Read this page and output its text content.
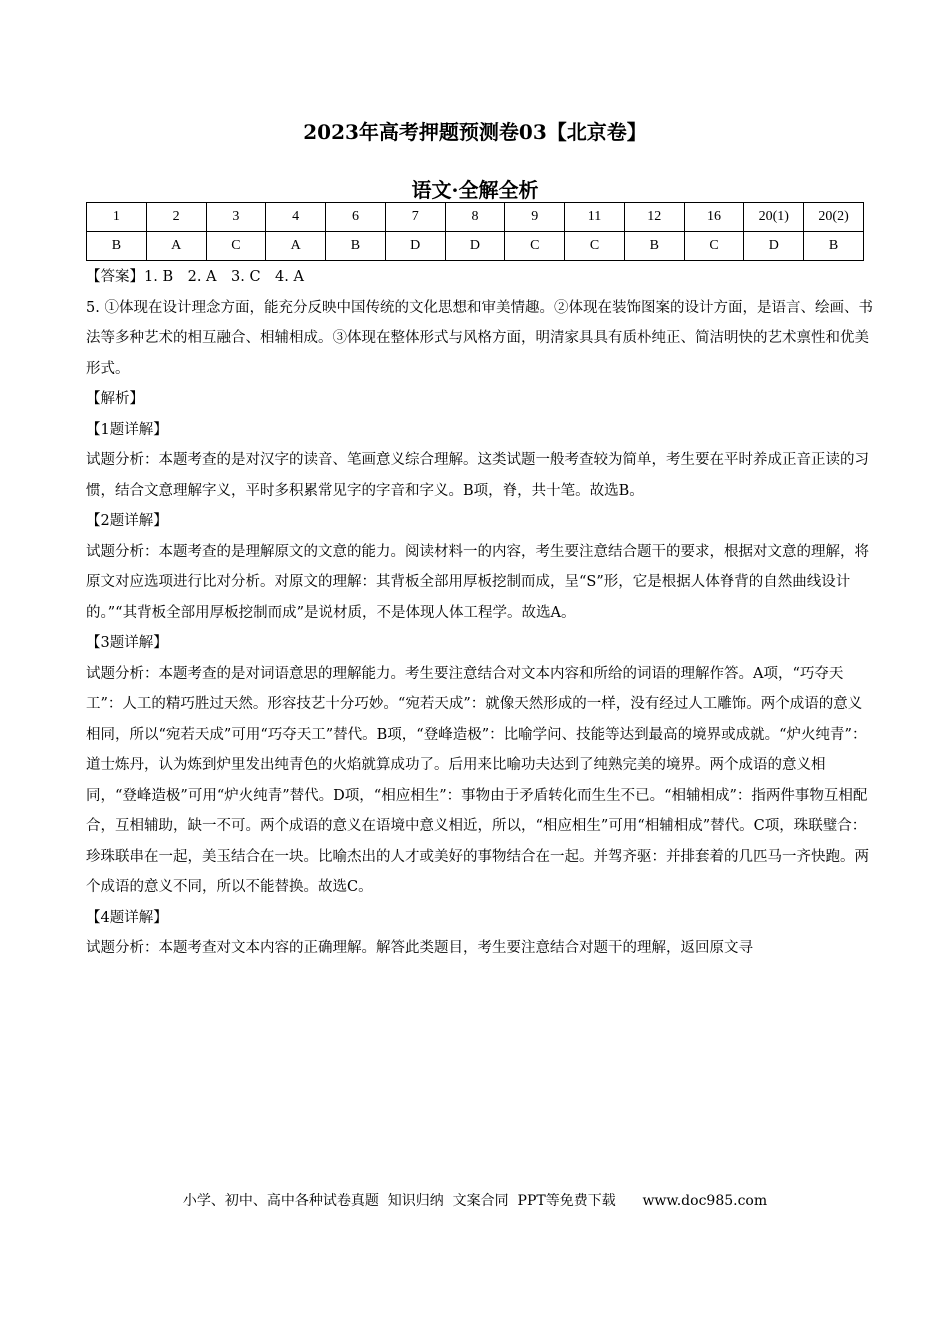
2023年高考押题预测卷03【北京卷】
语文·全解全析
1	2	3	4	6	7	8	9	11	12	16	20(1)	20(2)
B	A	C	A	B	D	D	C	C	B	C	D	B

【答案】1. B　2. A　3. C　4. A

5. ①体现在设计理念方面，能充分反映中国传统的文化思想和审美情趣。②体现在装饰图案的设计方面，是语言、绘画、书法等多种艺术的相互融合、相辅相成。③体现在整体形式与风格方面，明清家具具有质朴纯正、简洁明快的艺术禀性和优美形式。

【解析】

【1题详解】

试题分析：本题考查的是对汉字的读音、笔画意义综合理解。这类试题一般考查较为简单，考生要在平时养成正音正读的习惯，结合文意理解字义，平时多积累常见字的字音和字义。B项，脊，共十笔。故选B。

【2题详解】

试题分析：本题考查的是理解原文的文意的能力。阅读材料一的内容，考生要注意结合题干的要求，根据对文意的理解，将原文对应选项进行比对分析。对原文的理解：其背板全部用厚板挖制而成，呈“S”形，它是根据人体脊背的自然曲线设计的。”“其背板全部用厚板挖制而成”是说材质，不是体现人体工程学。故选A。

【3题详解】

试题分析：本题考查的是对词语意思的理解能力。考生要注意结合对文本内容和所给的词语的理解作答。A项，“巧夺天工”：人工的精巧胜过天然。形容技艺十分巧妙。“宛若天成”：就像天然形成的一样，没有经过人工雕饰。两个成语的意义相同，所以“宛若天成”可用“巧夺天工”替代。B项，“登峰造极”：比喻学问、技能等达到最高的境界或成就。“炉火纯青”：道士炼丹，认为炼到炉里发出纯青色的火焰就算成功了。后用来比喻功夫达到了纯熟完美的境界。两个成语的意义相同，“登峰造极”可用“炉火纯青”替代。D项，“相应相生”：事物由于矛盾转化而生生不已。“相辅相成”：指两件事物互相配合，互相辅助，缺一不可。两个成语的意义在语境中意义相近，所以，“相应相生”可用“相辅相成”替代。C项，珠联璧合：珍珠联串在一起，美玉结合在一块。比喻杰出的人才或美好的事物结合在一起。并驾齐驱：并排套着的几匹马一齐快跑。两个成语的意义不同，所以不能替换。故选C。

【4题详解】

试题分析：本题考查对文本内容的正确理解。解答此类题目，考生要注意结合对题干的理解，返回原文寻

小学、初中、高中各种试卷真题  知识归纳  文案合同  PPT等免费下载      www.doc985.com
